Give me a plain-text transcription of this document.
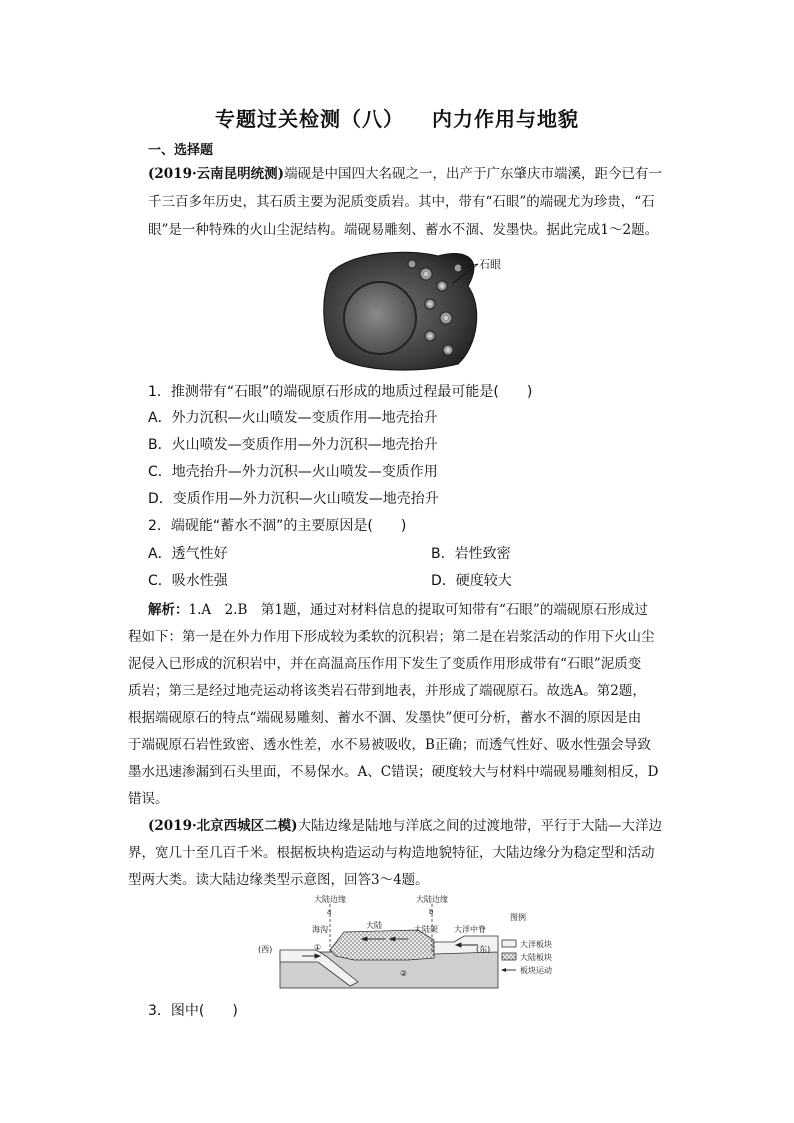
专题过关检测（八） 内力作用与地貌
一、选择题
(2019·云南昆明统测)端砚是中国四大名砚之一，出产于广东肇庆市端溪，距今已有一
千三百多年历史，其石质主要为泥质变质岩。其中，带有“石眼”的端砚尤为珍贵，“石
眼”是一种特殊的火山尘泥结构。端砚易雕刻、蓄水不涸、发墨快。据此完成1～2题。
石眼
1．推测带有“石眼”的端砚原石形成的地质过程最可能是(　　)
A．外力沉积—火山喷发—变质作用—地壳抬升
B．火山喷发—变质作用—外力沉积—地壳抬升
C．地壳抬升—外力沉积—火山喷发—变质作用
D．变质作用—外力沉积—火山喷发—地壳抬升
2．端砚能“蓄水不涸”的主要原因是(　　)
A．透气性好	B．岩性致密
C．吸水性强	D．硬度较大
解析：1.A　2.B　第1题，通过对材料信息的提取可知带有“石眼”的端砚原石形成过
程如下：第一是在外力作用下形成较为柔软的沉积岩；第二是在岩浆活动的作用下火山尘
泥侵入已形成的沉积岩中，并在高温高压作用下发生了变质作用形成带有“石眼”泥质变
质岩；第三是经过地壳运动将该类岩石带到地表，并形成了端砚原石。故选A。第2题，
根据端砚原石的特点“端砚易雕刻、蓄水不涸、发墨快”便可分析，蓄水不涸的原因是由
于端砚原石岩性致密、透水性差，水不易被吸收，B正确；而透气性好、吸水性强会导致
墨水迅速渗漏到石头里面，不易保水。A、C错误；硬度较大与材料中端砚易雕刻相反，D
错误。
(2019·北京西城区二模)大陆边缘是陆地与洋底之间的过渡地带，平行于大陆—大洋边
界，宽几十至几百千米。根据板块构造运动与构造地貌特征，大陆边缘分为稳定型和活动
型两大类。读大陆边缘类型示意图，回答3～4题。
大陆边缘	大陆边缘
a	b
海沟	大陆	大陆架 大洋中脊
(西)	(东)
①
②
图例
大洋板块
大陆板块
板块运动
3．图中(　　)
